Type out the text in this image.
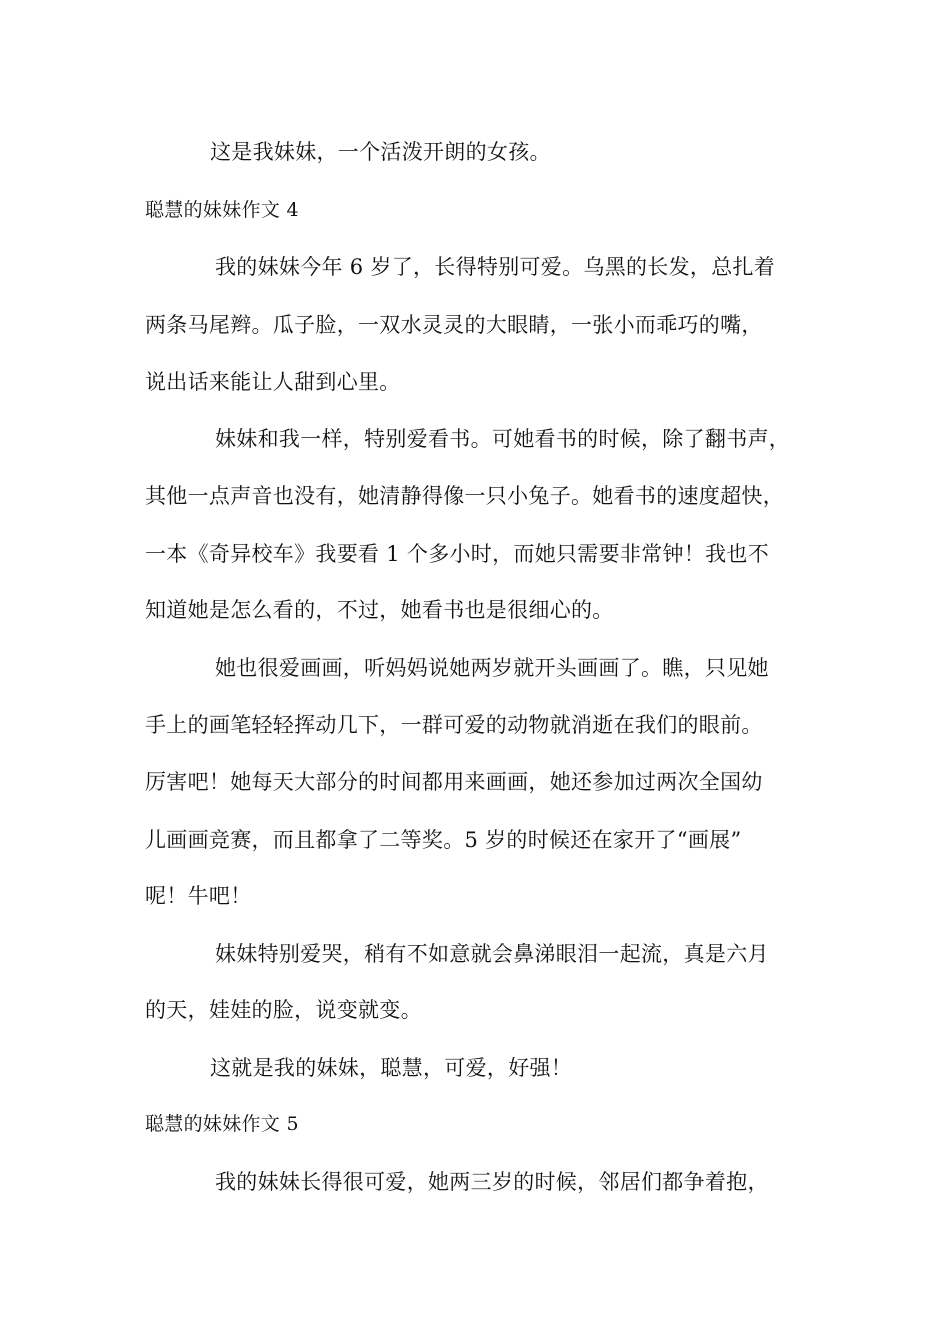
这是我妹妹，一个活泼开朗的女孩。
聪慧的妹妹作文 4
我的妹妹今年 6 岁了，长得特别可爱。乌黑的长发，总扎着
两条马尾辫。瓜子脸，一双水灵灵的大眼睛，一张小而乖巧的嘴，
说出话来能让人甜到心里。
妹妹和我一样，特别爱看书。可她看书的时候，除了翻书声，
其他一点声音也没有，她清静得像一只小兔子。她看书的速度超快，
一本《奇异校车》我要看 1 个多小时，而她只需要非常钟！我也不
知道她是怎么看的，不过，她看书也是很细心的。
她也很爱画画，听妈妈说她两岁就开头画画了。瞧，只见她
手上的画笔轻轻挥动几下，一群可爱的动物就消逝在我们的眼前。
厉害吧！她每天大部分的时间都用来画画，她还参加过两次全国幼
儿画画竞赛，而且都拿了二等奖。5 岁的时候还在家开了“画展”
呢！牛吧！
妹妹特别爱哭，稍有不如意就会鼻涕眼泪一起流，真是六月
的天，娃娃的脸，说变就变。
这就是我的妹妹，聪慧，可爱，好强！
聪慧的妹妹作文 5
我的妹妹长得很可爱，她两三岁的时候，邻居们都争着抱，
